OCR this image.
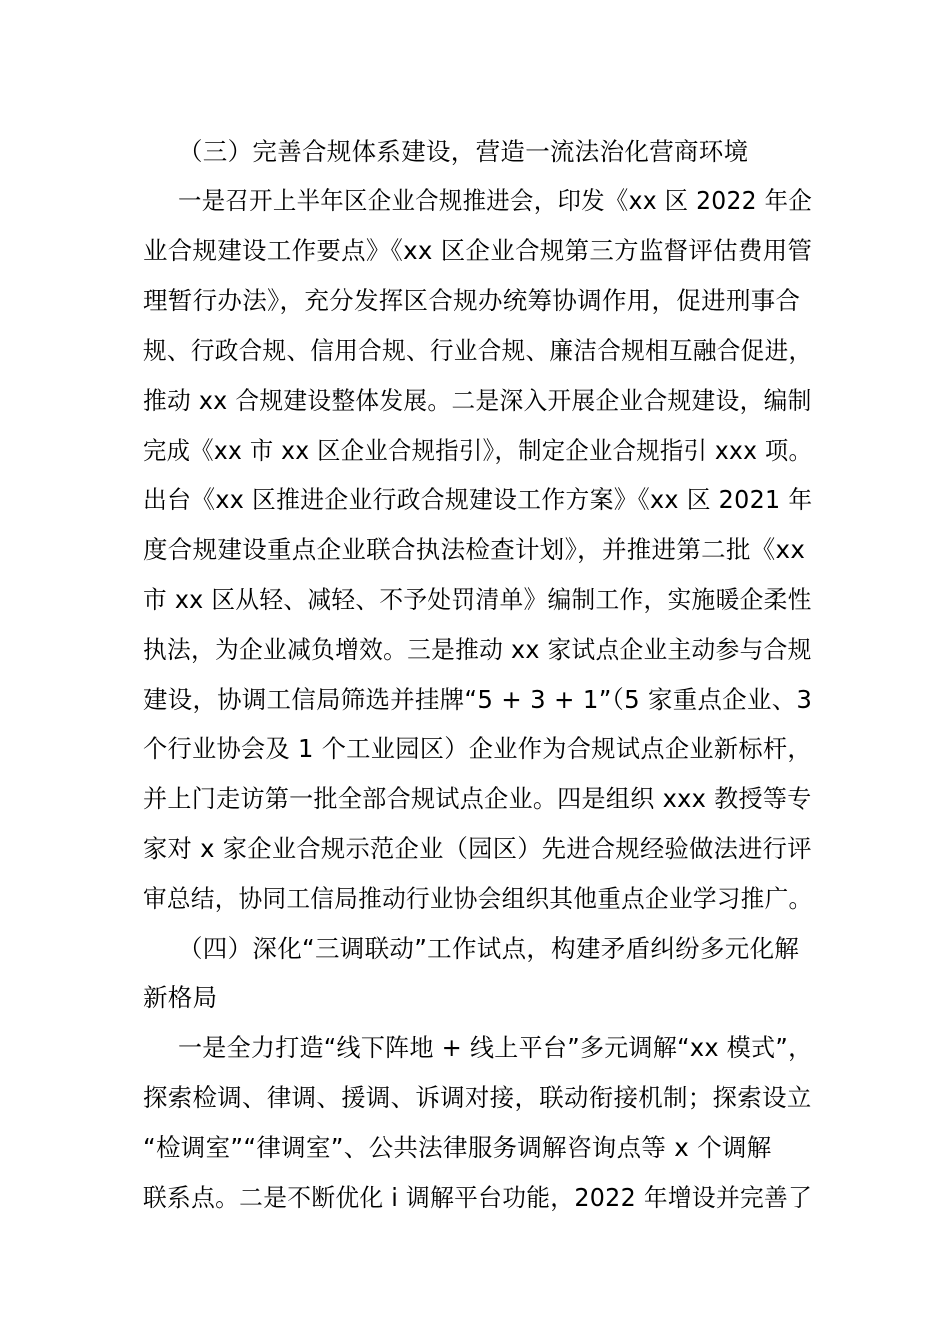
（三）完善合规体系建设，营造一流法治化营商环境
一是召开上半年区企业合规推进会，印发《xx 区 2022 年企
业合规建设工作要点》《xx 区企业合规第三方监督评估费用管
理暂行办法》，充分发挥区合规办统筹协调作用，促进刑事合
规、行政合规、信用合规、行业合规、廉洁合规相互融合促进，
推动 xx 合规建设整体发展。二是深入开展企业合规建设，编制
完成《xx 市 xx 区企业合规指引》，制定企业合规指引 xxx 项。
出台《xx 区推进企业行政合规建设工作方案》《xx 区 2021 年
度合规建设重点企业联合执法检查计划》，并推进第二批《xx
市 xx 区从轻、减轻、不予处罚清单》编制工作，实施暖企柔性
执法，为企业减负增效。三是推动 xx 家试点企业主动参与合规
建设，协调工信局筛选并挂牌“5 + 3 + 1”（5 家重点企业、3
个行业协会及 1 个工业园区）企业作为合规试点企业新标杆，
并上门走访第一批全部合规试点企业。四是组织 xxx 教授等专
家对 x 家企业合规示范企业（园区）先进合规经验做法进行评
审总结，协同工信局推动行业协会组织其他重点企业学习推广。
（四）深化“三调联动”工作试点，构建矛盾纠纷多元化解
新格局
一是全力打造“线下阵地 + 线上平台”多元调解“xx 模式”，
探索检调、律调、援调、诉调对接，联动衔接机制；探索设立
“检调室”“律调室”、公共法律服务调解咨询点等 x 个调解
联系点。二是不断优化 i 调解平台功能，2022 年增设并完善了
